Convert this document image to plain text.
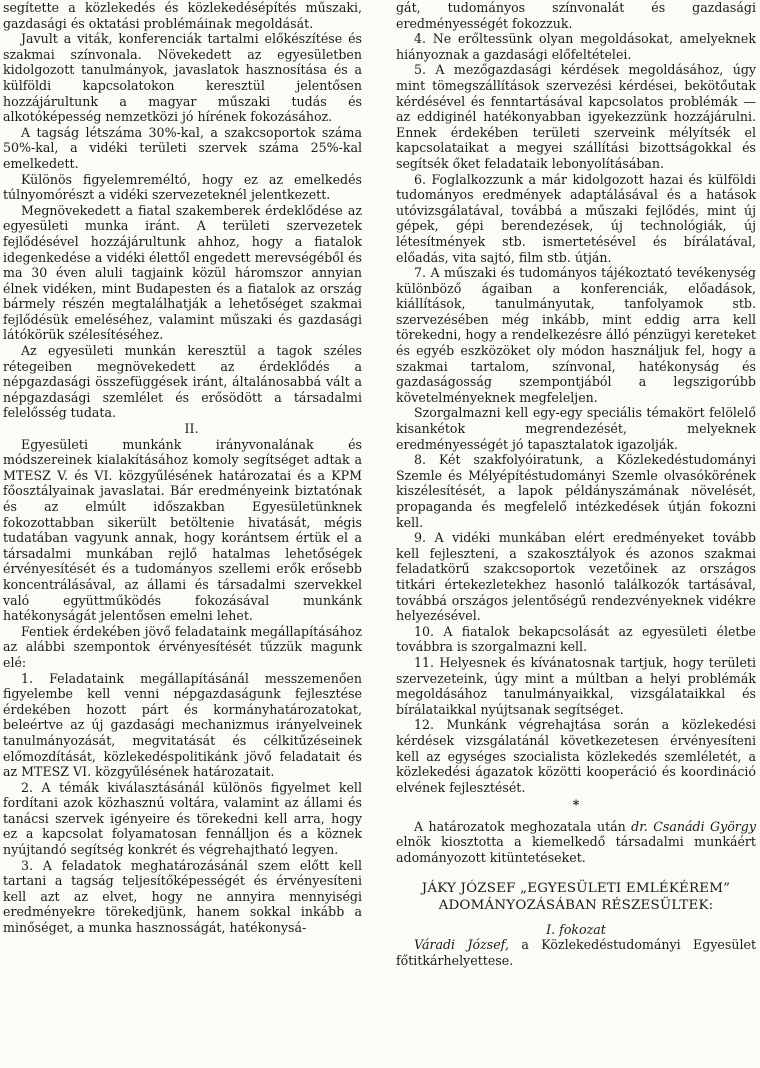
segítette a közlekedés és közlekedésépítés műszaki, gazdasági és oktatási problémáinak megoldását.

Javult a viták, konferenciák tartalmi előkészítése és szakmai színvonala. Növekedett az egyesületben kidolgozott tanulmányok, javaslatok hasznosítása és a külföldi kapcsolatokon keresztül jelentősen hozzájárultunk a magyar műszaki tudás és alkotóképesség nemzetközi jó hírének fokozásához.

A tagság létszáma 30%-kal, a szakcsoportok száma 50%-kal, a vidéki területi szervek száma 25%-kal emelkedett.

Különös figyelemreméltó, hogy ez az emelkedés túlnyomórészt a vidéki szervezeteknél jelentkezett.

Megnövekedett a fiatal szakemberek érdeklődése az egyesületi munka iránt. A területi szervezetek fejlődésével hozzájárultunk ahhoz, hogy a fiatalok idegenkedése a vidéki élettől engedett merevségéből és ma 30 éven aluli tagjaink közül háromszor annyian élnek vidéken, mint Budapesten és a fiatalok az ország bármely részén megtalálhatják a lehetőséget szakmai fejlődésük emeléséhez, valamint műszaki és gazdasági látókörük szélesítéséhez.

Az egyesületi munkán keresztül a tagok széles rétegeiben megnövekedett az érdeklődés a népgazdasági összefüggések iránt, általánosabbá vált a népgazdasági szemlélet és erősödött a társadalmi felelősség tudata.

II.

Egyesületi munkánk irányvonalának és módszereinek kialakításához komoly segítséget adtak a MTESZ V. és VI. közgyűlésének határozatai és a KPM főosztályainak javaslatai. Bár eredményeink biztatónak és az elmúlt időszakban Egyesületünknek fokozottabban sikerült betöltenie hivatását, mégis tudatában vagyunk annak, hogy korántsem értük el a társadalmi munkában rejlő hatalmas lehetőségek érvényesítését és a tudományos szellemi erők erősebb koncentrálásával, az állami és társadalmi szervekkel való együttműködés fokozásával munkánk hatékonyságát jelentősen emelni lehet.

Fentiek érdekében jövő feladataink megállapításához az alábbi szempontok érvényesítését tűzzük magunk elé:

1. Feladataink megállapításánál messzemenően figyelembe kell venni népgazdaságunk fejlesztése érdekében hozott párt és kormányhatározatokat, beleértve az új gazdasági mechanizmus irányelveinek tanulmányozását, megvitatását és célkitűzéseinek előmozdítását, közlekedéspolitikánk jövő feladatait és az MTESZ VI. közgyűlésének határozatait.

2. A témák kiválasztásánál különös figyelmet kell fordítani azok közhasznú voltára, valamint az állami és tanácsi szervek igényeire és törekedni kell arra, hogy ez a kapcsolat folyamatosan fennálljon és a köznek nyújtandó segítség konkrét és végrehajtható legyen.

3. A feladatok meghatározásánál szem előtt kell tartani a tagság teljesítőképességét és érvényesíteni kell azt az elvet, hogy ne annyira mennyiségi eredményekre törekedjünk, hanem sokkal inkább a minőséget, a munka hasznosságát, hatékonysá-

gát, tudományos színvonalát és gazdasági eredményességét fokozzuk.

4. Ne erőltessünk olyan megoldásokat, amelyeknek hiányoznak a gazdasági előfeltételei.

5. A mezőgazdasági kérdések megoldásához, úgy mint tömegszállítások szervezési kérdései, bekötőutak kérdésével és fenntartásával kapcsolatos problémák — az eddiginél hatékonyabban igyekezzünk hozzájárulni. Ennek érdekében területi szerveink mélyítsék el kapcsolataikat a megyei szállítási bizottságokkal és segítsék őket feladataik lebonyolításában.

6. Foglalkozzunk a már kidolgozott hazai és külföldi tudományos eredmények adaptálásával és a hatások utóvizsgálatával, továbbá a műszaki fejlődés, mint új gépek, gépi berendezések, új technológiák, új létesítmények stb. ismertetésével és bírálatával, előadás, vita sajtó, film stb. útján.

7. A műszaki és tudományos tájékoztató tevékenység különböző ágaiban a konferenciák, előadások, kiállítások, tanulmányutak, tanfolyamok stb. szervezésében még inkább, mint eddig arra kell törekedni, hogy a rendelkezésre álló pénzügyi kereteket és egyéb eszközöket oly módon használjuk fel, hogy a szakmai tartalom, színvonal, hatékonyság és gazdaságosság szempontjából a legszigorúbb követelményeknek megfeleljen.

Szorgalmazni kell egy-egy speciális témakört felölelő kisankétok megrendezését, melyeknek eredményességét jó tapasztalatok igazolják.

8. Két szakfolyóiratunk, a Közlekedéstudományi Szemle és Mélyépítéstudományi Szemle olvasókörének kiszélesítését, a lapok példányszámának növelését, propaganda és megfelelő intézkedések útján fokozni kell.

9. A vidéki munkában elért eredményeket tovább kell fejleszteni, a szakosztályok és azonos szakmai feladatkörű szakcsoportok vezetőinek az országos titkári értekezletekhez hasonló találkozók tartásával, továbbá országos jelentőségű rendezvényeknek vidékre helyezésével.

10. A fiatalok bekapcsolását az egyesületi életbe továbbra is szorgalmazni kell.

11. Helyesnek és kívánatosnak tartjuk, hogy területi szervezeteink, úgy mint a múltban a helyi problémák megoldásához tanulmányaikkal, vizsgálataikkal és bírálataikkal nyújtsanak segítséget.

12. Munkánk végrehajtása során a közlekedési kérdések vizsgálatánál következetesen érvényesíteni kell az egységes szocialista közlekedés szemléletét, a közlekedési ágazatok közötti kooperáció és koordináció elvének fejlesztését.

*

A határozatok meghozatala után dr. Csanádi György elnök kiosztotta a kiemelkedő társadalmi munkáért adományozott kitüntetéseket.

JÁKY JÓZSEF „EGYESÜLETI EMLÉKÉREM”
ADOMÁNYOZÁSÁBAN RÉSZESÜLTEK:
I. fokozat

Váradi József, a Közlekedéstudományi Egyesület főtitkárhelyettese.
